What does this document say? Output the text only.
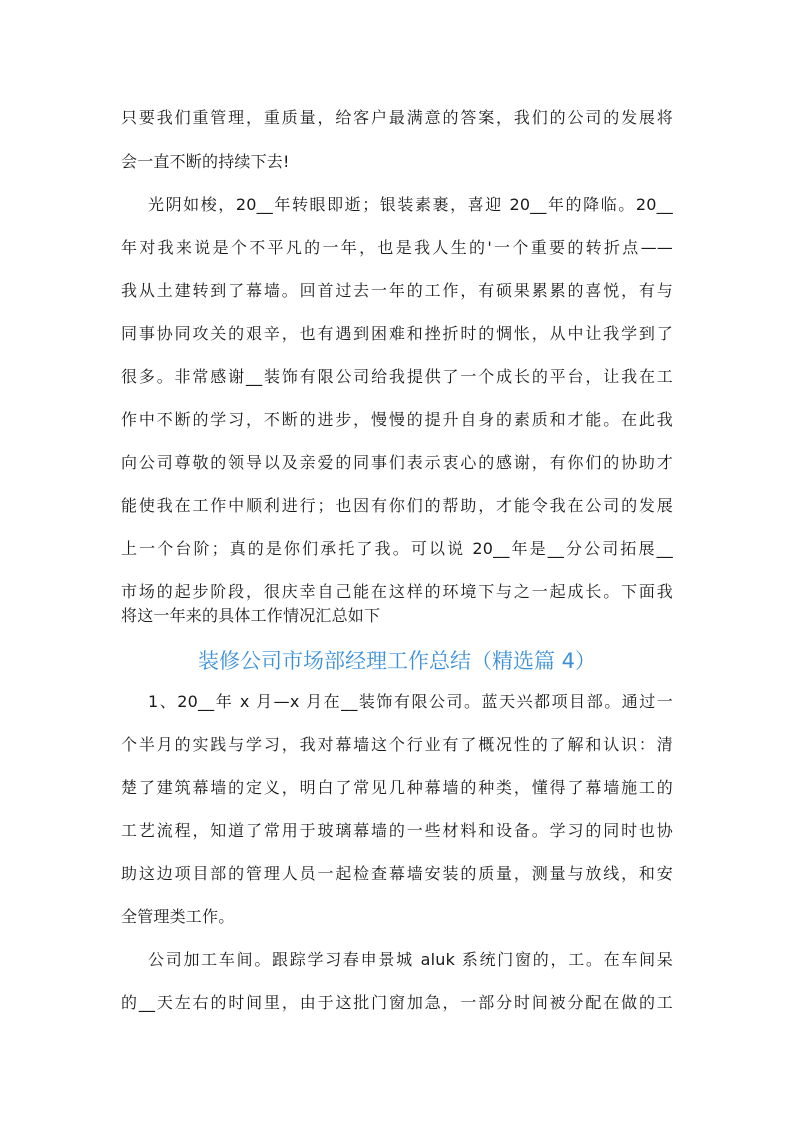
只要我们重管理，重质量，给客户最满意的答案，我们的公司的发展将
会一直不断的持续下去!
光阴如梭，20__年转眼即逝；银装素裹，喜迎 20__年的降临。20__
年对我来说是个不平凡的一年，也是我人生的'一个重要的转折点——
我从土建转到了幕墙。回首过去一年的工作，有硕果累累的喜悦，有与
同事协同攻关的艰辛，也有遇到困难和挫折时的惆怅，从中让我学到了
很多。非常感谢__装饰有限公司给我提供了一个成长的平台，让我在工
作中不断的学习，不断的进步，慢慢的提升自身的素质和才能。在此我
向公司尊敬的领导以及亲爱的同事们表示衷心的感谢，有你们的协助才
能使我在工作中顺利进行；也因有你们的帮助，才能令我在公司的发展
上一个台阶；真的是你们承托了我。可以说 20__年是__分公司拓展__
市场的起步阶段，很庆幸自己能在这样的环境下与之一起成长。下面我
将这一年来的具体工作情况汇总如下
装修公司市场部经理工作总结（精选篇 4）
1、20__年 x 月—x 月在__装饰有限公司。蓝天兴都项目部。通过一
个半月的实践与学习，我对幕墙这个行业有了概况性的了解和认识：清
楚了建筑幕墙的定义，明白了常见几种幕墙的种类，懂得了幕墙施工的
工艺流程，知道了常用于玻璃幕墙的一些材料和设备。学习的同时也协
助这边项目部的管理人员一起检查幕墙安装的质量，测量与放线，和安
全管理类工作。
公司加工车间。跟踪学习春申景城 aluk 系统门窗的，工。在车间呆
的__天左右的时间里，由于这批门窗加急，一部分时间被分配在做的工
